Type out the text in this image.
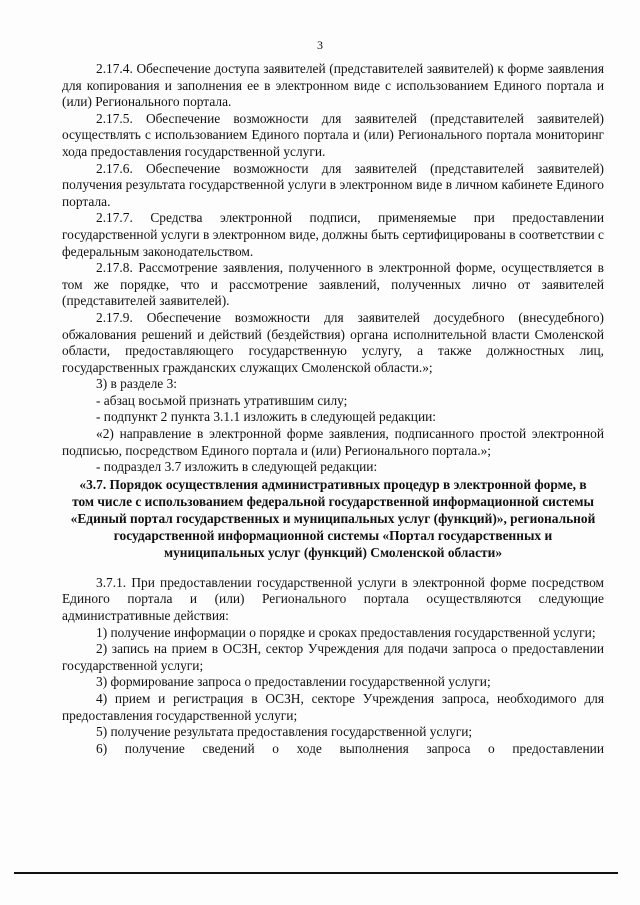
3

2.17.4. Обеспечение доступа заявителей (представителей заявителей) к форме заявления для копирования и заполнения ее в электронном виде с использованием Единого портала и (или) Регионального портала.

2.17.5. Обеспечение возможности для заявителей (представителей заявителей) осуществлять с использованием Единого портала и (или) Регионального портала мониторинг хода предоставления государственной услуги.

2.17.6. Обеспечение возможности для заявителей (представителей заявителей) получения результата государственной услуги в электронном виде в личном кабинете Единого портала.

2.17.7. Средства электронной подписи, применяемые при предоставлении государственной услуги в электронном виде, должны быть сертифицированы в соответствии с федеральным законодательством.

2.17.8. Рассмотрение заявления, полученного в электронной форме, осуществляется в том же порядке, что и рассмотрение заявлений, полученных лично от заявителей (представителей заявителей).

2.17.9. Обеспечение возможности для заявителей досудебного (внесудебного) обжалования решений и действий (бездействия) органа исполнительной власти Смоленской области, предоставляющего государственную услугу, а также должностных лиц, государственных гражданских служащих Смоленской области.»;

3) в разделе 3:

- абзац восьмой признать утратившим силу;

- подпункт 2 пункта 3.1.1 изложить в следующей редакции:

«2) направление в электронной форме заявления, подписанного простой электронной подписью, посредством Единого портала и (или) Регионального портала.»;

- подраздел 3.7 изложить в следующей редакции:

«3.7. Порядок осуществления административных процедур в электронной форме, в том числе с использованием федеральной государственной информационной системы «Единый портал государственных и муниципальных услуг (функций)», региональной государственной информационной системы «Портал государственных и муниципальных услуг (функций) Смоленской области»

3.7.1. При предоставлении государственной услуги в электронной форме посредством Единого портала и (или) Регионального портала осуществляются следующие административные действия:

1) получение информации о порядке и сроках предоставления государственной услуги;

2) запись на прием в ОСЗН, сектор Учреждения для подачи запроса о предоставлении государственной услуги;

3) формирование запроса о предоставлении государственной услуги;

4) прием и регистрация в ОСЗН, секторе Учреждения запроса, необходимого для предоставления государственной услуги;

5) получение результата предоставления государственной услуги;

6) получение сведений о ходе выполнения запроса о предоставлении
